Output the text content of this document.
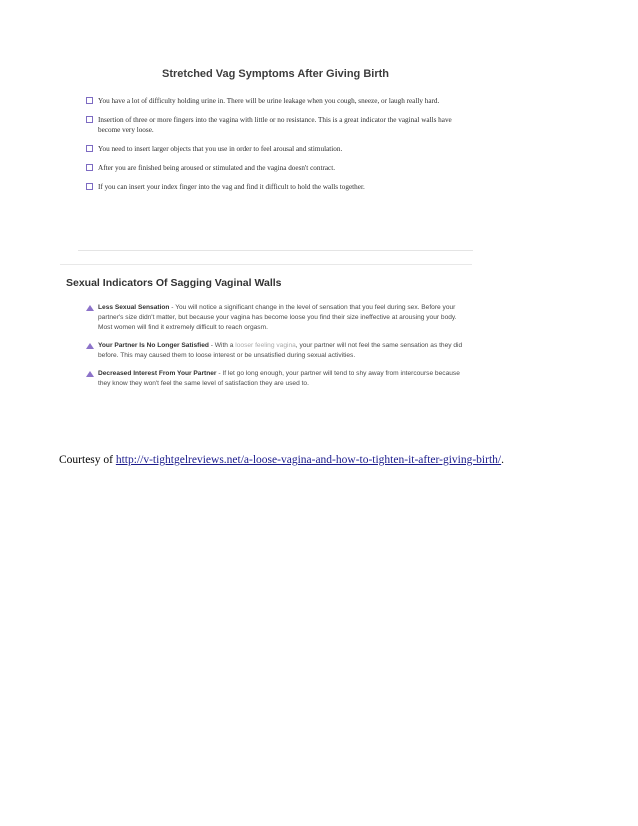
Stretched Vag Symptoms After Giving Birth
You have a lot of difficulty holding urine in. There will be urine leakage when you cough, sneeze, or laugh really hard.
Insertion of three or more fingers into the vagina with little or no resistance. This is a great indicator the vaginal walls have become very loose.
You need to insert larger objects that you use in order to feel arousal and stimulation.
After you are finished being aroused or stimulated and the vagina doesn't contract.
If you can insert your index finger into the vag and find it difficult to hold the walls together.
Sexual Indicators Of Sagging Vaginal Walls
Less Sexual Sensation - You will notice a significant change in the level of sensation that you feel during sex. Before your partner's size didn't matter, but because your vagina has become loose you find their size ineffective at arousing your body. Most women will find it extremely difficult to reach orgasm.
Your Partner Is No Longer Satisfied - With a looser feeling vagina, your partner will not feel the same sensation as they did before. This may caused them to loose interest or be unsatisfied during sexual activities.
Decreased Interest From Your Partner - If let go long enough, your partner will tend to shy away from intercourse because they know they won't feel the same level of satisfaction they are used to.
Courtesy of http://v-tightgelreviews.net/a-loose-vagina-and-how-to-tighten-it-after-giving-birth/.
